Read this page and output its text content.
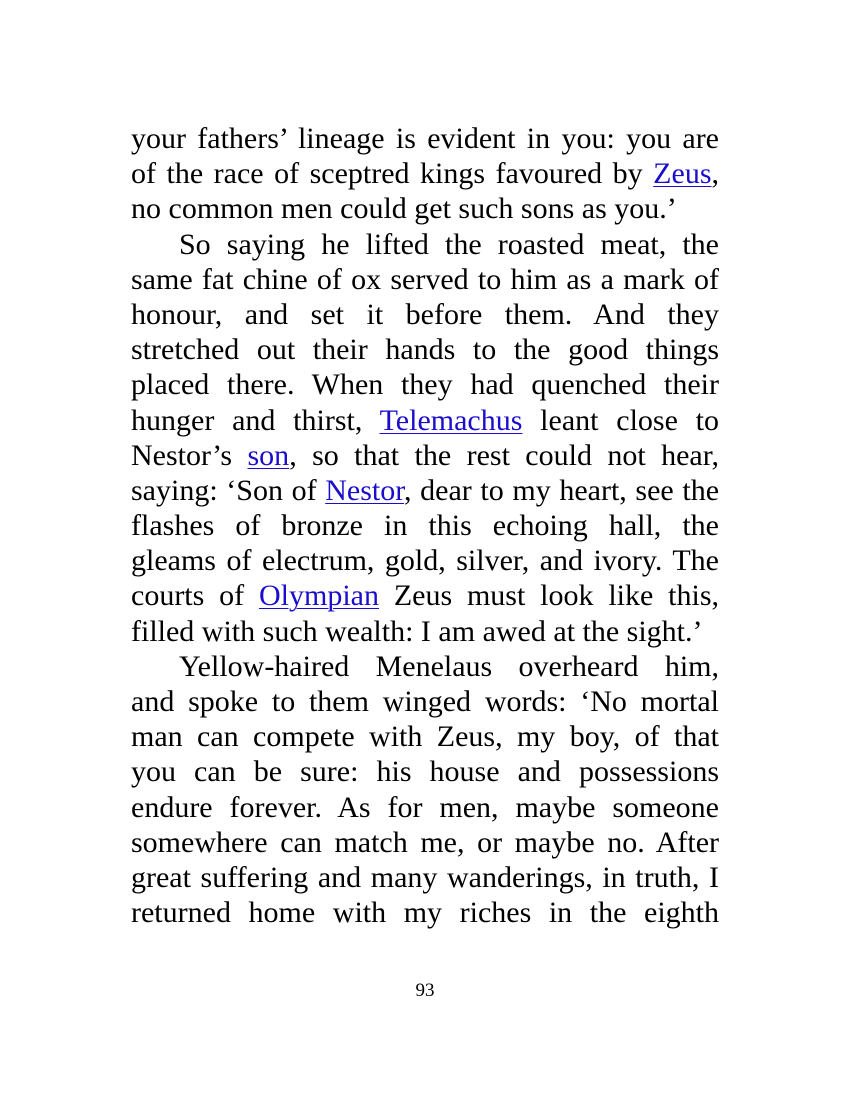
your fathers’ lineage is evident in you: you are
of the race of sceptred kings favoured by Zeus,
no common men could get such sons as you.’
So saying he lifted the roasted meat, the
same fat chine of ox served to him as a mark of
honour, and set it before them. And they
stretched out their hands to the good things
placed there. When they had quenched their
hunger and thirst, Telemachus leant close to
Nestor’s son, so that the rest could not hear,
saying: ‘Son of Nestor, dear to my heart, see the
flashes of bronze in this echoing hall, the
gleams of electrum, gold, silver, and ivory. The
courts of Olympian Zeus must look like this,
filled with such wealth: I am awed at the sight.’
Yellow-haired Menelaus overheard him,
and spoke to them winged words: ‘No mortal
man can compete with Zeus, my boy, of that
you can be sure: his house and possessions
endure forever. As for men, maybe someone
somewhere can match me, or maybe no. After
great suffering and many wanderings, in truth, I
returned home with my riches in the eighth
93
